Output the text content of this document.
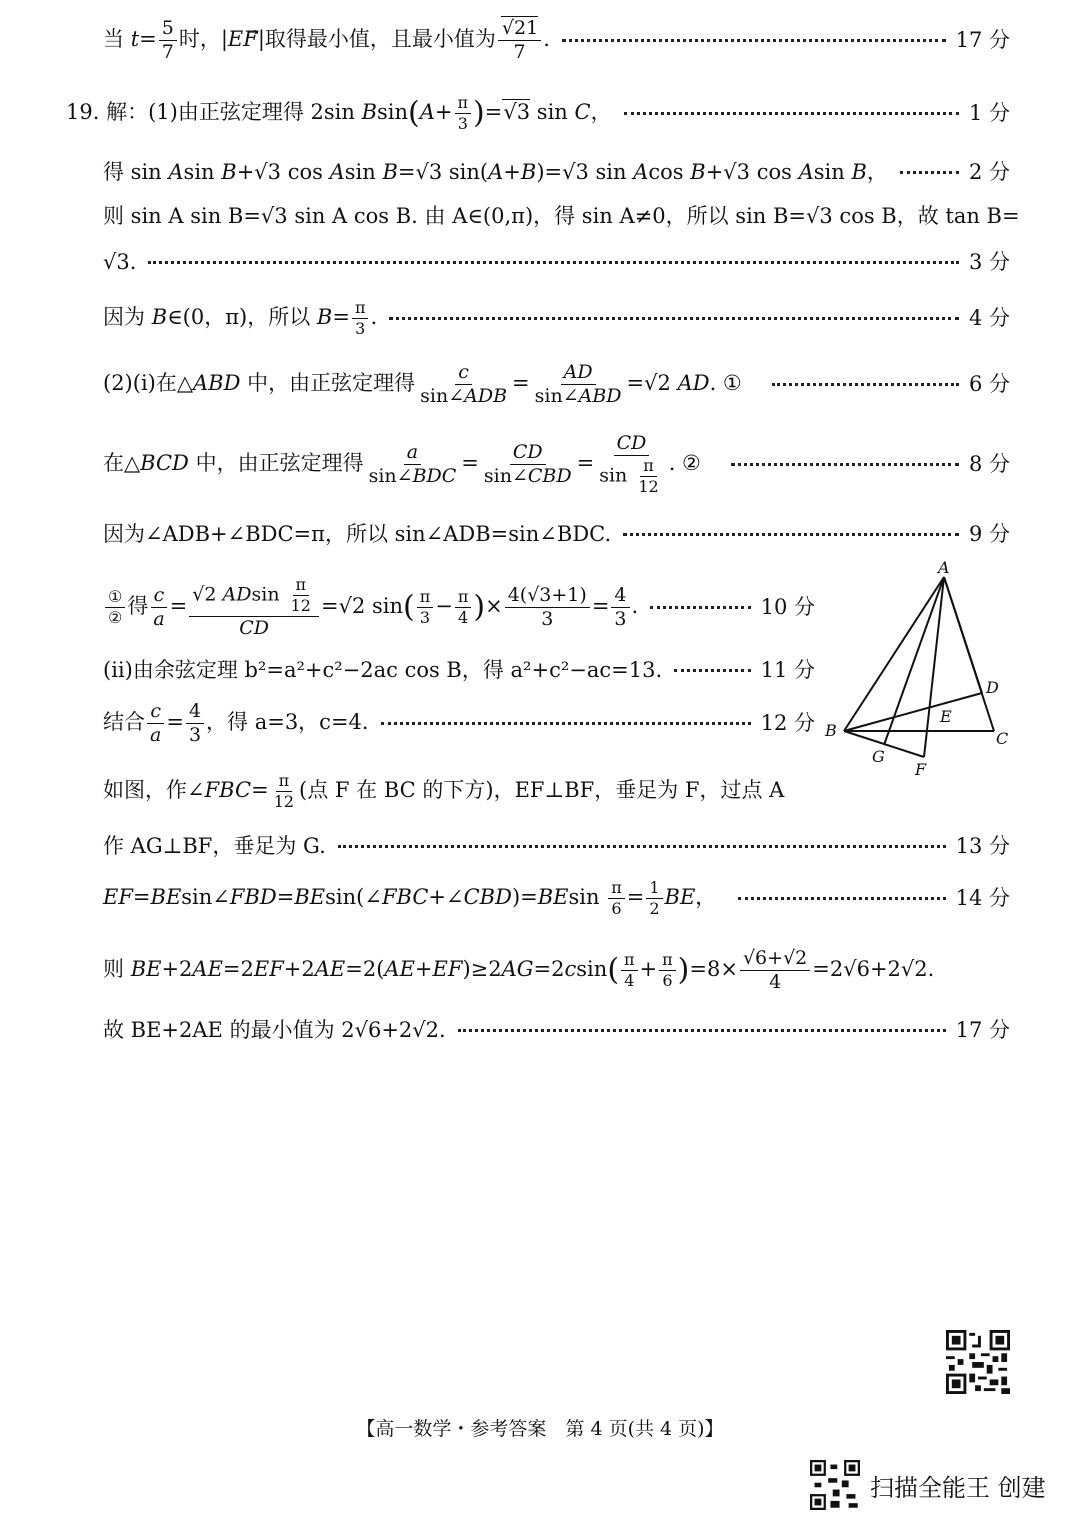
当 $t= \frac{5}{7}$ 时，|EF⃗|取得最小值，且最小值为 $\frac{√21}{7}$ .	17 分
19. 解：(1)由正弦定理得 2sin $Bsin(A+ \frac{\pi}{3} )=√3$ sin C，	1 分
得 sin Asin B+√3 cos Asin B=√3 sin(A+B)=√3 sin Acos B+√3 cos Asin B，	2 分
则 sin A sin B=√3 sin A cos B. 由 A∈(0,π)，得 sin A≠0，所以 sin B=√3 cos B，故 tan B=
√3.	3 分
因为 B∈(0，π)，所以 $B= \frac{\pi}{3}$ .	4 分
(2)(ⅰ)在△ABD 中，由正弦定理得 $\frac{c}{\text{sin∠ADB}} = \frac{AD}{\text{sin∠ABD}} =√2$ AD. ①	6 分
在△BCD 中，由正弦定理得 $\frac{a}{\text{sin∠BDC}} = \frac{CD}{\text{sin∠CBD}} = \frac{CD}{\sin \frac{\pi}{12}}$ . ②	8 分
因为∠ADB+∠BDC=π，所以 sin∠ADB=sin∠BDC.	9 分
$\frac{\text{①}}{\text{②}}$ 得 $\frac{c}{a} = \frac{√2 ADsin \frac{\pi}{12}}{CD} =√2$ $\sin( \frac{\pi}{3} - \frac{\pi}{4}$ )× $\frac{4(√3+1)}{3} = \frac{4}{3}$ .	10 分
(ⅱ)由余弦定理 b²=a²+c²−2ac cos B，得 a²+c²−ac=13.	11 分
结合 $\frac{c}{a} = \frac{4}{3}$ ，得 a=3，c=4.	12 分
A
B	C
D
E
F
G
如图，作∠FBC= $\frac{\pi}{12}$ (点 F 在 BC 的下方)，EF⊥BF，垂足为 F，过点 A
作 AG⊥BF，垂足为 G.	13 分
EF=BEsin∠FBD=BEsin(∠FBC+∠CBD)=BEsin $\frac{\pi}{6} = \frac{1}{2}$ BE，	14 分
则 $BE+2AE=2EF+2AE=2(AE+EF)\ge 2AG=2csin( \frac{\pi}{4} + \frac{\pi}{6} )=8\times \frac{√6+√2}{4} =2√6+2√2$.
故 BE+2AE 的最小值为 2√6+2√2.	17 分
【高一数学・参考答案　第 4 页(共 4 页)】
扫描全能王 创建
